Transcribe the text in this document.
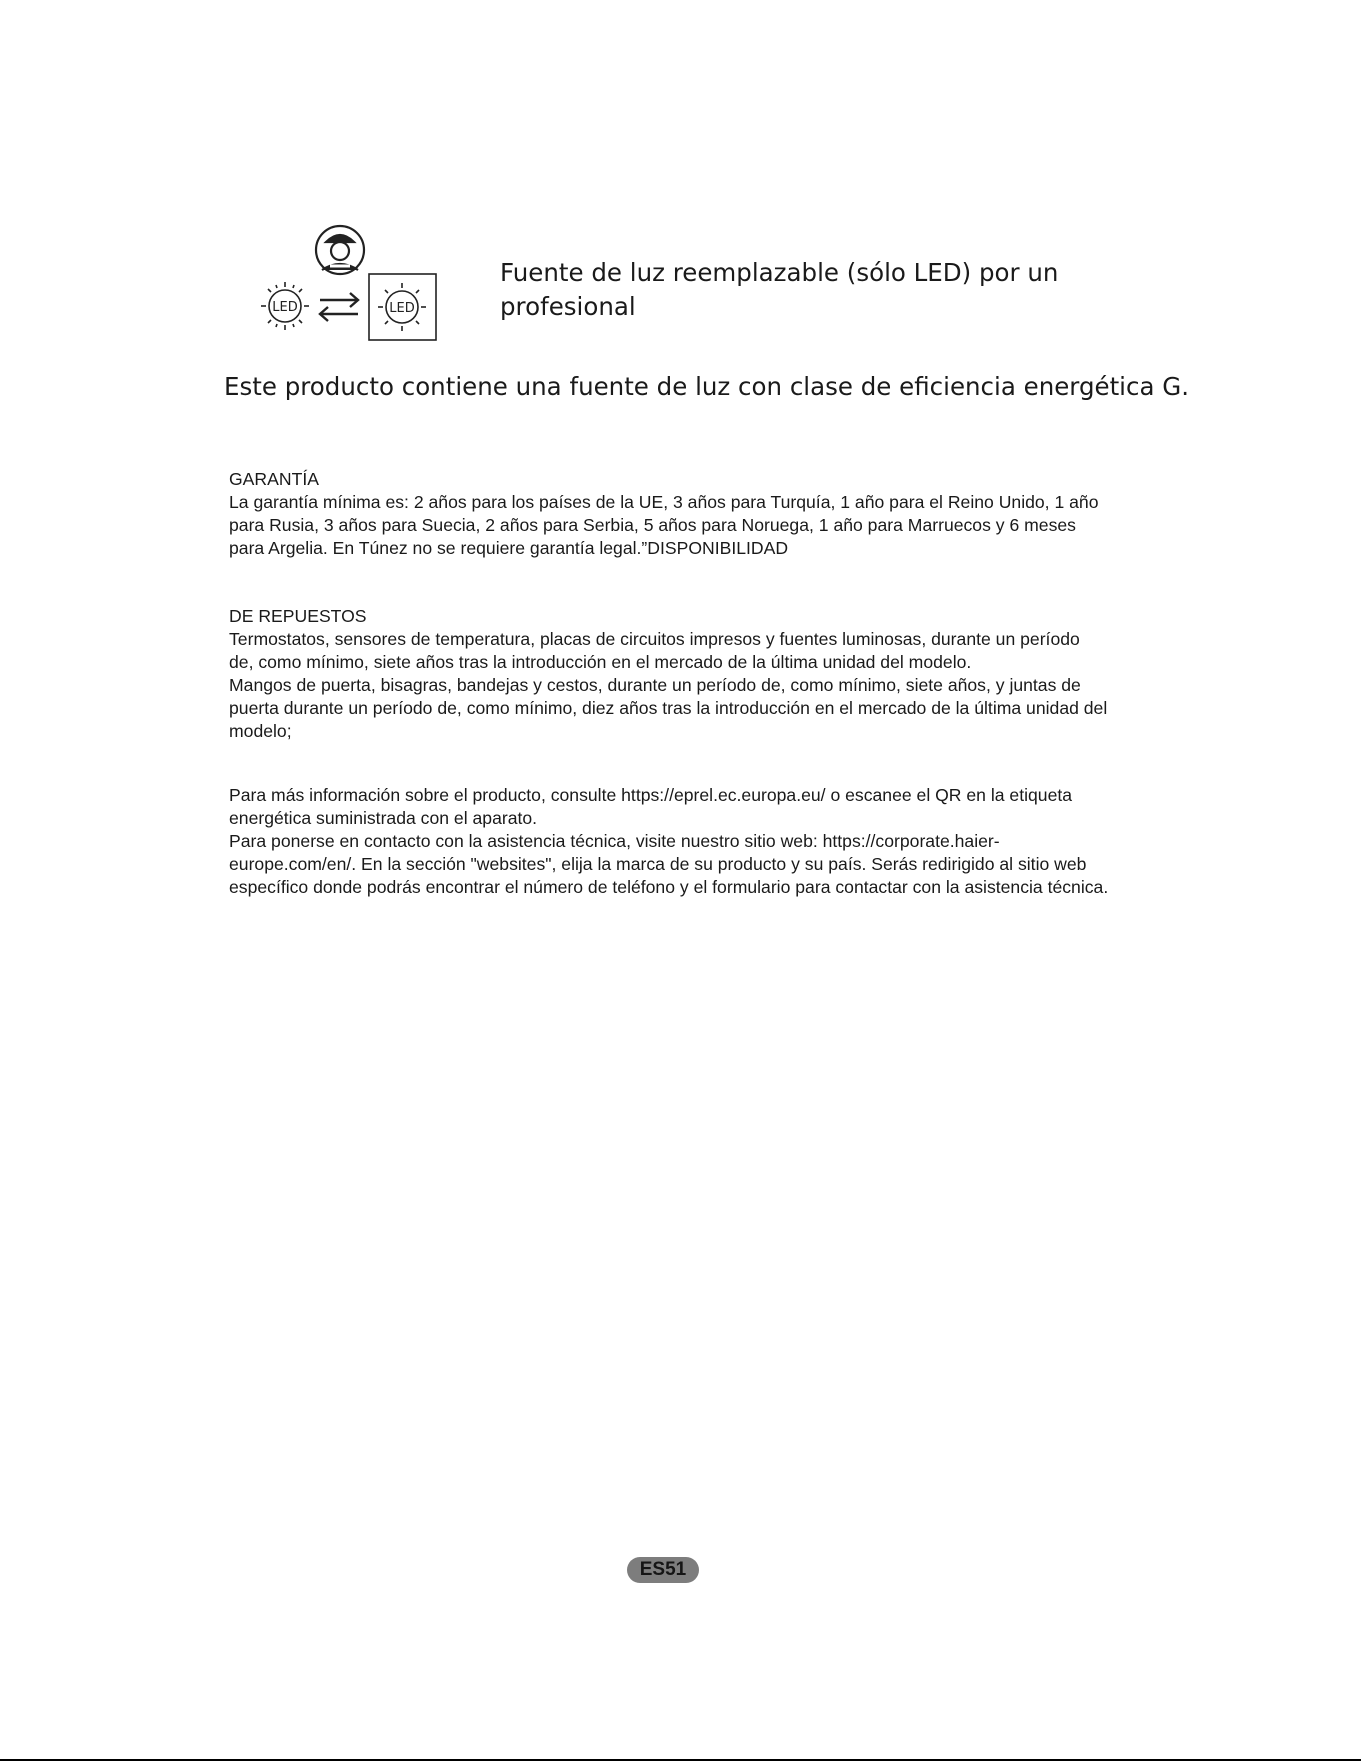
LED	LED
Fuente de luz reemplazable (sólo LED) por un profesional
Este producto contiene una fuente de luz con clase de eficiencia energética G.

GARANTÍA

La garantía mínima es: 2 años para los países de la UE, 3 años para Turquía, 1 año para el Reino Unido, 1 año para Rusia, 3 años para Suecia, 2 años para Serbia, 5 años para Noruega, 1 año para Marruecos y 6 meses para Argelia. En Túnez no se requiere garantía legal.”DISPONIBILIDAD

DE REPUESTOS

Termostatos, sensores de temperatura, placas de circuitos impresos y fuentes luminosas, durante un período de, como mínimo, siete años tras la introducción en el mercado de la última unidad del modelo.

Mangos de puerta, bisagras, bandejas y cestos, durante un período de, como mínimo, siete años, y juntas de puerta durante un período de, como mínimo, diez años tras la introducción en el mercado de la última unidad del modelo;

Para más información sobre el producto, consulte https://eprel.ec.europa.eu/ o escanee el QR en la etiqueta energética suministrada con el aparato.

Para ponerse en contacto con la asistencia técnica, visite nuestro sitio web: https://corporate.haier-europe.com/en/. En la sección "websites", elija la marca de su producto y su país. Serás redirigido al sitio web específico donde podrás encontrar el número de teléfono y el formulario para contactar con la asistencia técnica.

ES51
